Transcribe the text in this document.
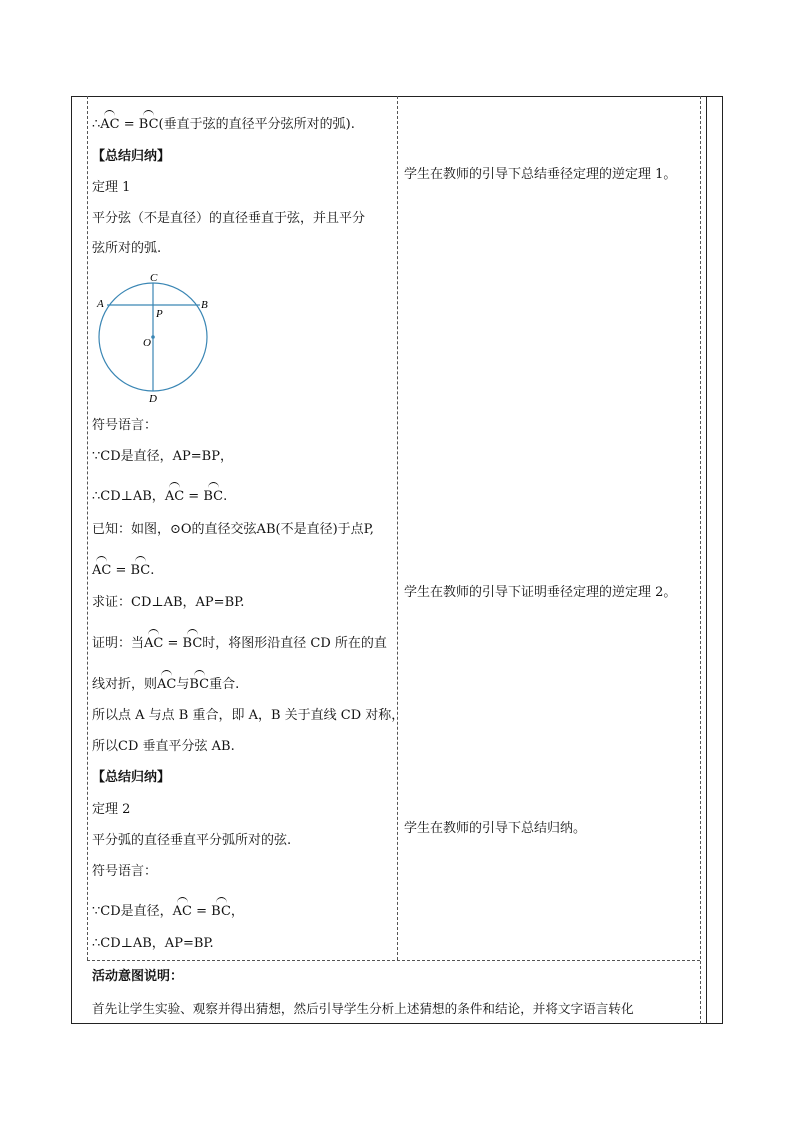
∴AC = BC(垂直于弦的直径平分弦所对的弧).
【总结归纳】
定理 1
平分弦（不是直径）的直径垂直于弦，并且平分
弦所对的弧.
C
A	B
P
O
D
符号语言：
∵CD是直径，AP=BP，
∴CD⊥AB，AC = BC.
已知：如图，⊙O的直径交弦AB(不是直径)于点P,
AC = BC.
求证：CD⊥AB，AP=BP.
证明：当AC = BC时，将图形沿直径 CD 所在的直
线对折，则AC与BC重合.
所以点 A 与点 B 重合，即 A，B 关于直线 CD 对称，
所以CD 垂直平分弦 AB.
【总结归纳】
定理 2
平分弧的直径垂直平分弧所对的弦.
符号语言：
∵CD是直径，AC = BC，
∴CD⊥AB，AP=BP.
学生在教师的引导下总结垂径定理的逆定理 1。
学生在教师的引导下证明垂径定理的逆定理 2。
学生在教师的引导下总结归纳。
活动意图说明：
首先让学生实验、观察并得出猜想，然后引导学生分析上述猜想的条件和结论，并将文字语言转化
